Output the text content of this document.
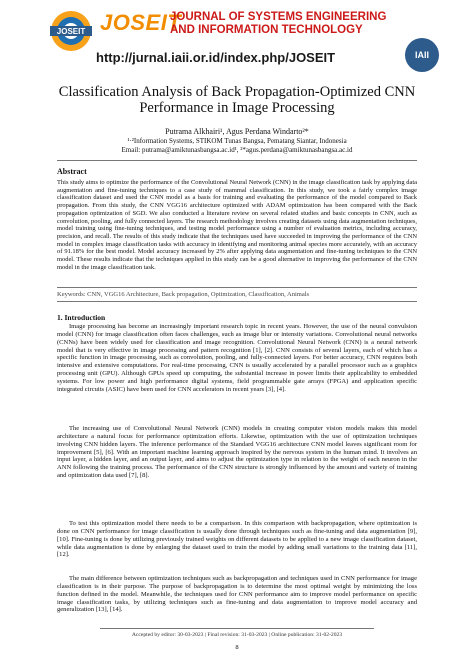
JOSEIT JOSEIT
JOURNAL OF SYSTEMS ENGINEERING
AND INFORMATION TECHNOLOGY
http://jurnal.iaii.or.id/index.php/JOSEIT	IAII
Classification Analysis of Back Propagation-Optimized CNN Performance in Image Processing
Putrama Alkhairi¹, Agus Perdana Windarto²*
¹·²Information Systems, STIKOM Tunas Bangsa, Pematang Siantar, Indonesia
Email: putrama@amiktunasbangsa.ac.id¹, ²*agus.perdana@amiktunasbangsa.ac.id
Abstract
This study aims to optimize the performance of the Convolutional Neural Network (CNN) in the image classification task by applying data augmentation and fine-tuning techniques to a case study of mammal classification. In this study, we took a fairly complex image classification dataset and used the CNN model as a basis for training and evaluating the performance of the model compared to Back propagation. From this study, the CNN VGG16 architecture optimized with ADAM optimization has been compared with the Back propagation optimization of SGD. We also conducted a literature review on several related studies and basic concepts in CNN, such as convolution, pooling, and fully connected layers. The research methodology involves creating datasets using data augmentation techniques, model training using fine-tuning techniques, and testing model performance using a number of evaluation metrics, including accuracy, precision, and recall. The results of this study indicate that the techniques used have succeeded in improving the performance of the CNN model in complex image classification tasks with accuracy in identifying and monitoring animal species more accurately, with an accuracy of 91.18% for the best model. Model accuracy increased by 2% after applying data augmentation and fine-tuning techniques to the CNN model. These results indicate that the techniques applied in this study can be a good alternative in improving the performance of the CNN model in the image classification task.
Keywords: CNN, VGG16 Architecture, Back propagation, Optimization, Classification, Animals
1. Introduction

Image processing has become an increasingly important research topic in recent years. However, the use of the neural convulsion model (CNN) for image classification often faces challenges, such as image blur or intensity variations. Convolutional neural networks (CNNs) have been widely used for classification and image recognition. Convolutional Neural Network (CNN) is a neural network model that is very effective in image processing and pattern recognition [1], [2]. CNN consists of several layers, each of which has a specific function in image processing, such as convolution, pooling, and fully-connected layers. For better accuracy, CNN requires both intensive and extensive computations. For real-time processing, CNN is usually accelerated by a parallel processor such as a graphics processing unit (GPU). Although GPUs speed up computing, the substantial increase in power limits their applicability to embedded systems. For low power and high performance digital systems, field programmable gate arrays (FPGA) and application specific integrated circuits (ASIC) have been used for CNN accelerators in recent years [3], [4].

The increasing use of Convolutional Neural Network (CNN) models in creating computer vision models makes this model architecture a natural focus for performance optimization efforts. Likewise, optimization with the use of optimization techniques involving CNN hidden layers. The inference performance of the Standard VGG16 architecture CNN model leaves significant room for improvement [5], [6]. With an important machine learning approach inspired by the nervous system in the human mind. It involves an input layer, a hidden layer, and an output layer, and aims to adjust the optimization type in relation to the weight of each neuron in the ANN following the training process. The performance of the CNN structure is strongly influenced by the amount and variety of training and optimization data used [7], [8].

To test this optimization model there needs to be a comparison. In this comparison with backpropagation, where optimization is done on CNN performance for image classification is usually done through techniques such as fine-tuning and data augmentation [9], [10]. Fine-tuning is done by utilizing previously trained weights on different datasets to be applied to a new image classification dataset, while data augmentation is done by enlarging the dataset used to train the model by adding small variations to the training data [11], [12].

The main difference between optimization techniques such as backpropagation and techniques used in CNN performance for image classification is in their purpose. The purpose of backpropagation is to determine the most optimal weight by minimizing the loss function defined in the model. Meanwhile, the techniques used for CNN performance aim to improve model performance on specific image classification tasks, by utilizing techniques such as fine-tuning and data augmentation to improve model accuracy and generalization [13], [14].

Accepted by editor: 30-03-2023 | Final revision: 31-03-2023 | Online publication: 31-02-2023
8
